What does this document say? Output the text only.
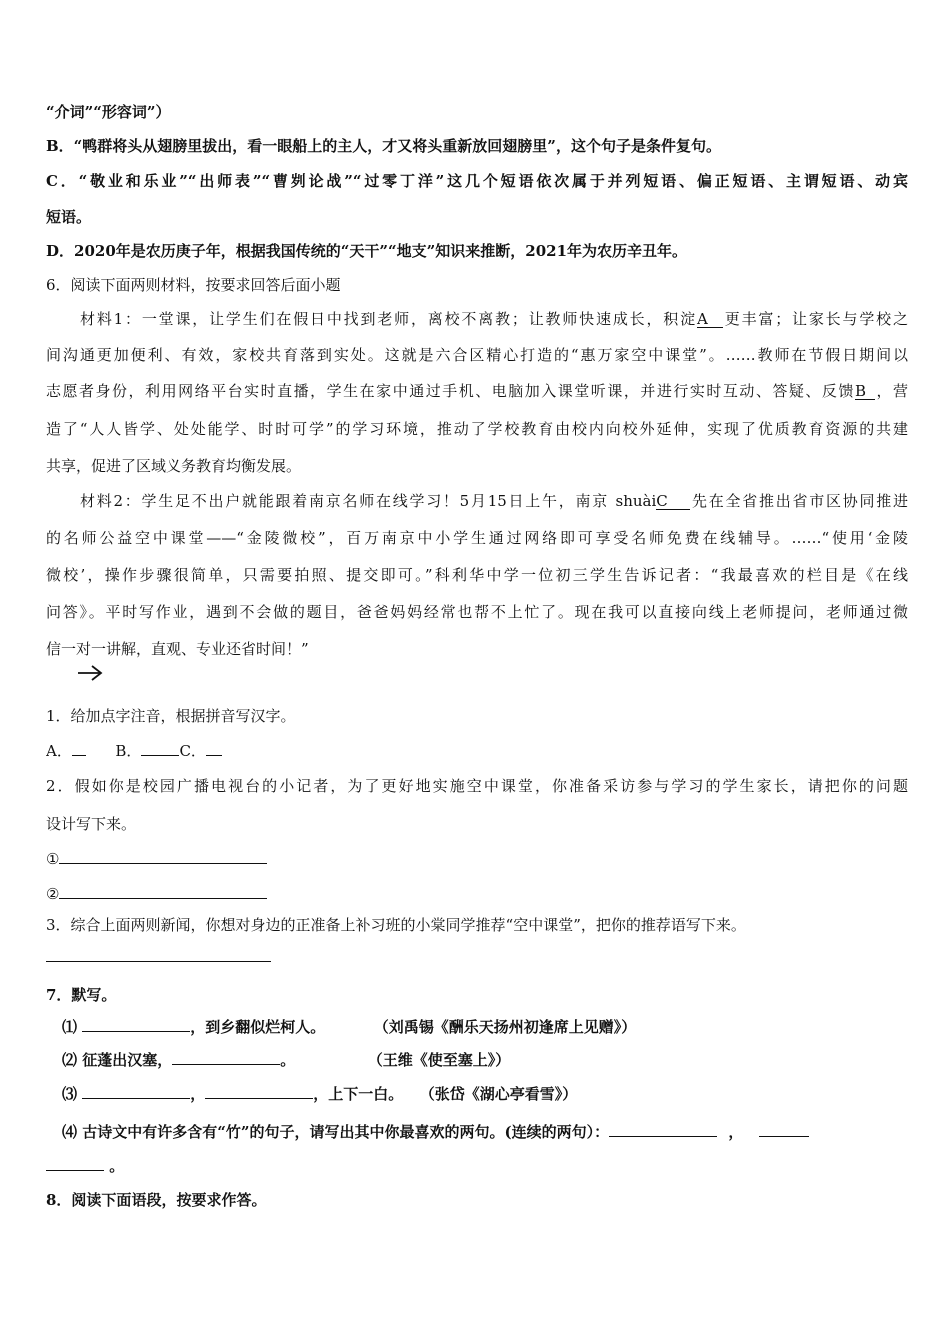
“介词”“形容词”）
B．“鸭群将头从翅膀里拔出，看一眼船上的主人，才又将头重新放回翅膀里”，这个句子是条件复句。
C．“敬业和乐业”“出师表”“曹刿论战”“过零丁洋”这几个短语依次属于并列短语、偏正短语、主谓短语、动宾
短语。
D．2020年是农历庚子年，根据我国传统的“天干”“地支”知识来推断，2021年为农历辛丑年。
6．阅读下面两则材料，按要求回答后面小题
材料1：一堂课，让学生们在假日中找到老师，离校不离教；让教师快速成长，积淀A 更丰富；让家长与学校之
间沟通更加便利、有效，家校共育落到实处。这就是六合区精心打造的“惠万家空中课堂”。……教师在节假日期间以
志愿者身份，利用网络平台实时直播，学生在家中通过手机、电脑加入课堂听课，并进行实时互动、答疑、反馈B ，营
造了“人人皆学、处处能学、时时可学”的学习环境，推动了学校教育由校内向校外延伸，实现了优质教育资源的共建
共享，促进了区域义务教育均衡发展。
材料2：学生足不出户就能跟着南京名师在线学习！5月15日上午，南京 shuàiC 先在全省推出省市区协同推进
的名师公益空中课堂——“金陵微校”，百万南京中小学生通过网络即可享受名师免费在线辅导。……“使用‘金陵
微校’，操作步骤很简单，只需要拍照、提交即可。”科利华中学一位初三学生告诉记者：“我最喜欢的栏目是《在线
问答》。平时写作业，遇到不会做的题目，爸爸妈妈经常也帮不上忙了。现在我可以直接向线上老师提问，老师通过微
信一对一讲解，直观、专业还省时间！”
1．给加点字注音，根据拼音写汉字。
A．	B．	C．
2．假如你是校园广播电视台的小记者，为了更好地实施空中课堂，你准备采访参与学习的学生家长，请把你的问题
设计写下来。
①
②
3．综合上面两则新闻，你想对身边的正准备上补习班的小棠同学推荐“空中课堂”，把你的推荐语写下来。
7．默写。
⑴	，到乡翻似烂柯人。	（刘禹锡《酬乐天扬州初逢席上见赠》）
⑵ 征蓬出汉塞，	。	（王维《使至塞上》）
⑶	，	，上下一白。 （张岱《湖心亭看雪》）
⑷ 古诗文中有许多含有“竹”的句子，请写出其中你最喜欢的两句。(连续的两句）：	，
。
8．阅读下面语段，按要求作答。
